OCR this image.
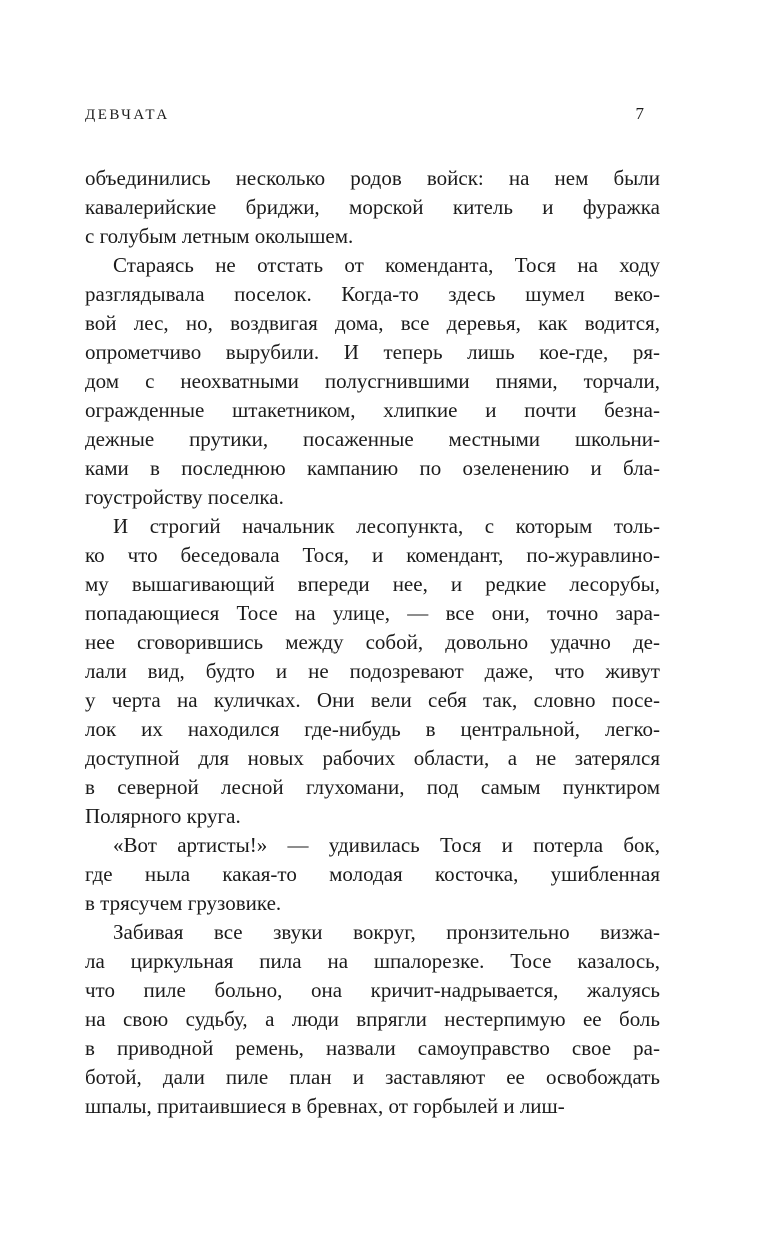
ДЕВЧАТА	7
объединились несколько родов войск: на нем были
кавалерийские бриджи, морской китель и фуражка
с голубым летным околышем.
Стараясь не отстать от коменданта, Тося на ходу
разглядывала поселок. Когда-то здесь шумел веко-
вой лес, но, воздвигая дома, все деревья, как водится,
опрометчиво вырубили. И теперь лишь кое-где, ря-
дом с неохватными полусгнившими пнями, торчали,
огражденные штакетником, хлипкие и почти безна-
дежные прутики, посаженные местными школьни-
ками в последнюю кампанию по озеленению и бла-
гоустройству поселка.
И строгий начальник лесопункта, с которым толь-
ко что беседовала Тося, и комендант, по-журавлино-
му вышагивающий впереди нее, и редкие лесорубы,
попадающиеся Тосе на улице, — все они, точно зара-
нее сговорившись между собой, довольно удачно де-
лали вид, будто и не подозревают даже, что живут
у черта на куличках. Они вели себя так, словно посе-
лок их находился где-нибудь в центральной, легко-
доступной для новых рабочих области, а не затерялся
в северной лесной глухомани, под самым пунктиром
Полярного круга.
«Вот артисты!» — удивилась Тося и потерла бок,
где ныла какая-то молодая косточка, ушибленная
в трясучем грузовике.
Забивая все звуки вокруг, пронзительно визжа-
ла циркульная пила на шпалорезке. Тосе казалось,
что пиле больно, она кричит-надрывается, жалуясь
на свою судьбу, а люди впрягли нестерпимую ее боль
в приводной ремень, назвали самоуправство свое ра-
ботой, дали пиле план и заставляют ее освобождать
шпалы, притаившиеся в бревнах, от горбылей и лиш-
